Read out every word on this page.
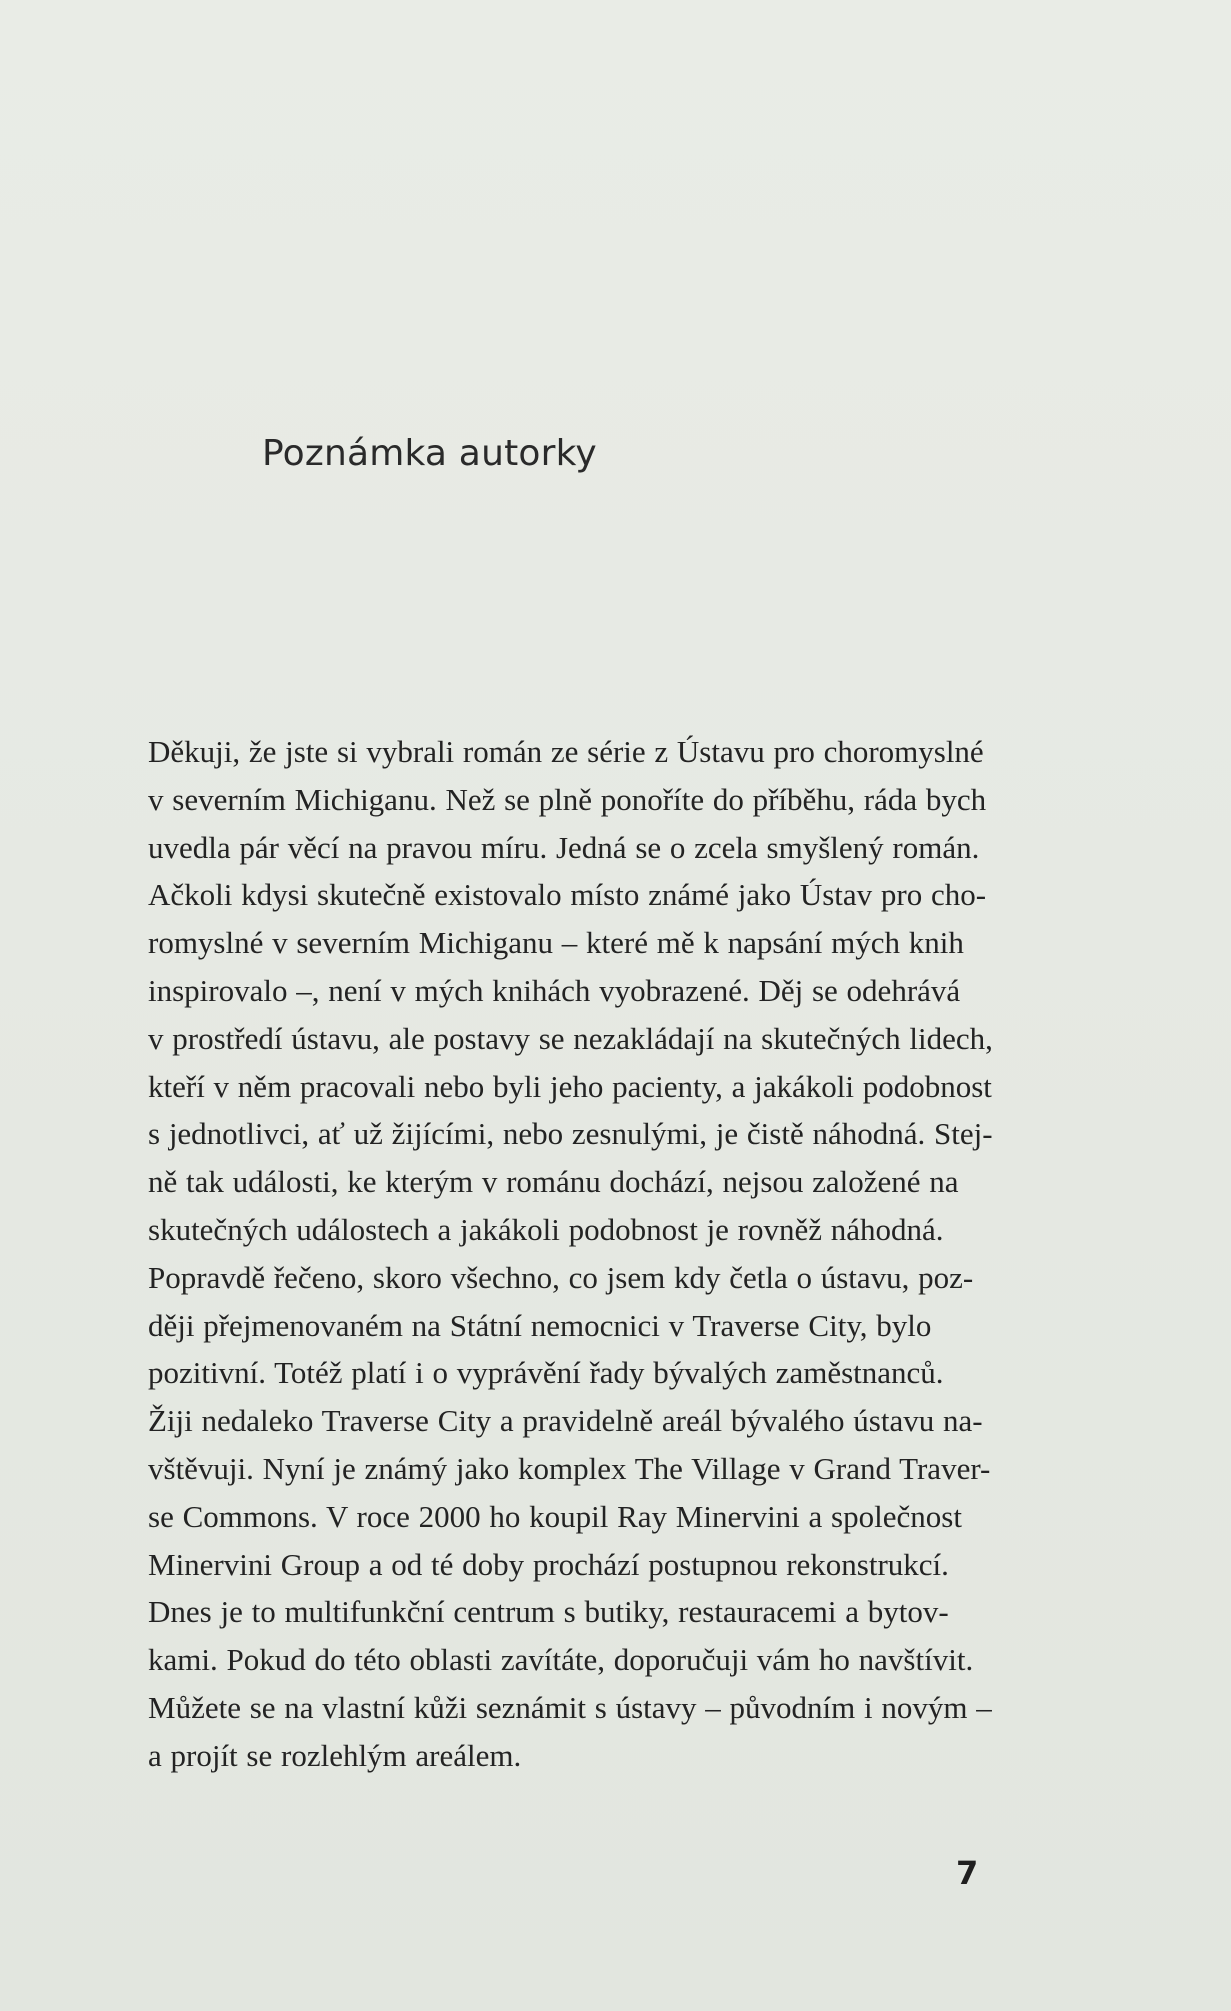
Poznámka autorky
Děkuji, že jste si vybrali román ze série z Ústavu pro choromyslné
v severním Michiganu. Než se plně ponoříte do příběhu, ráda bych
uvedla pár věcí na pravou míru. Jedná se o zcela smyšlený román.
Ačkoli kdysi skutečně existovalo místo známé jako Ústav pro cho-
romyslné v severním Michiganu – které mě k napsání mých knih
inspirovalo –, není v mých knihách vyobrazené. Děj se odehrává
v prostředí ústavu, ale postavy se nezakládají na skutečných lidech,
kteří v něm pracovali nebo byli jeho pacienty, a jakákoli podobnost
s jednotlivci, ať už žijícími, nebo zesnulými, je čistě náhodná. Stej-
ně tak události, ke kterým v románu dochází, nejsou založené na
skutečných událostech a jakákoli podobnost je rovněž náhodná.
Popravdě řečeno, skoro všechno, co jsem kdy četla o ústavu, poz-
ději přejmenovaném na Státní nemocnici v Traverse City, bylo
pozitivní. Totéž platí i o vyprávění řady bývalých zaměstnanců.
Žiji nedaleko Traverse City a pravidelně areál bývalého ústavu na-
vštěvuji. Nyní je známý jako komplex The Village v Grand Traver-
se Commons. V roce 2000 ho koupil Ray Minervini a společnost
Minervini Group a od té doby prochází postupnou rekonstrukcí.
Dnes je to multifunkční centrum s butiky, restauracemi a bytov-
kami. Pokud do této oblasti zavítáte, doporučuji vám ho navštívit.
Můžete se na vlastní kůži seznámit s ústavy – původním i novým –
a projít se rozlehlým areálem.
7
